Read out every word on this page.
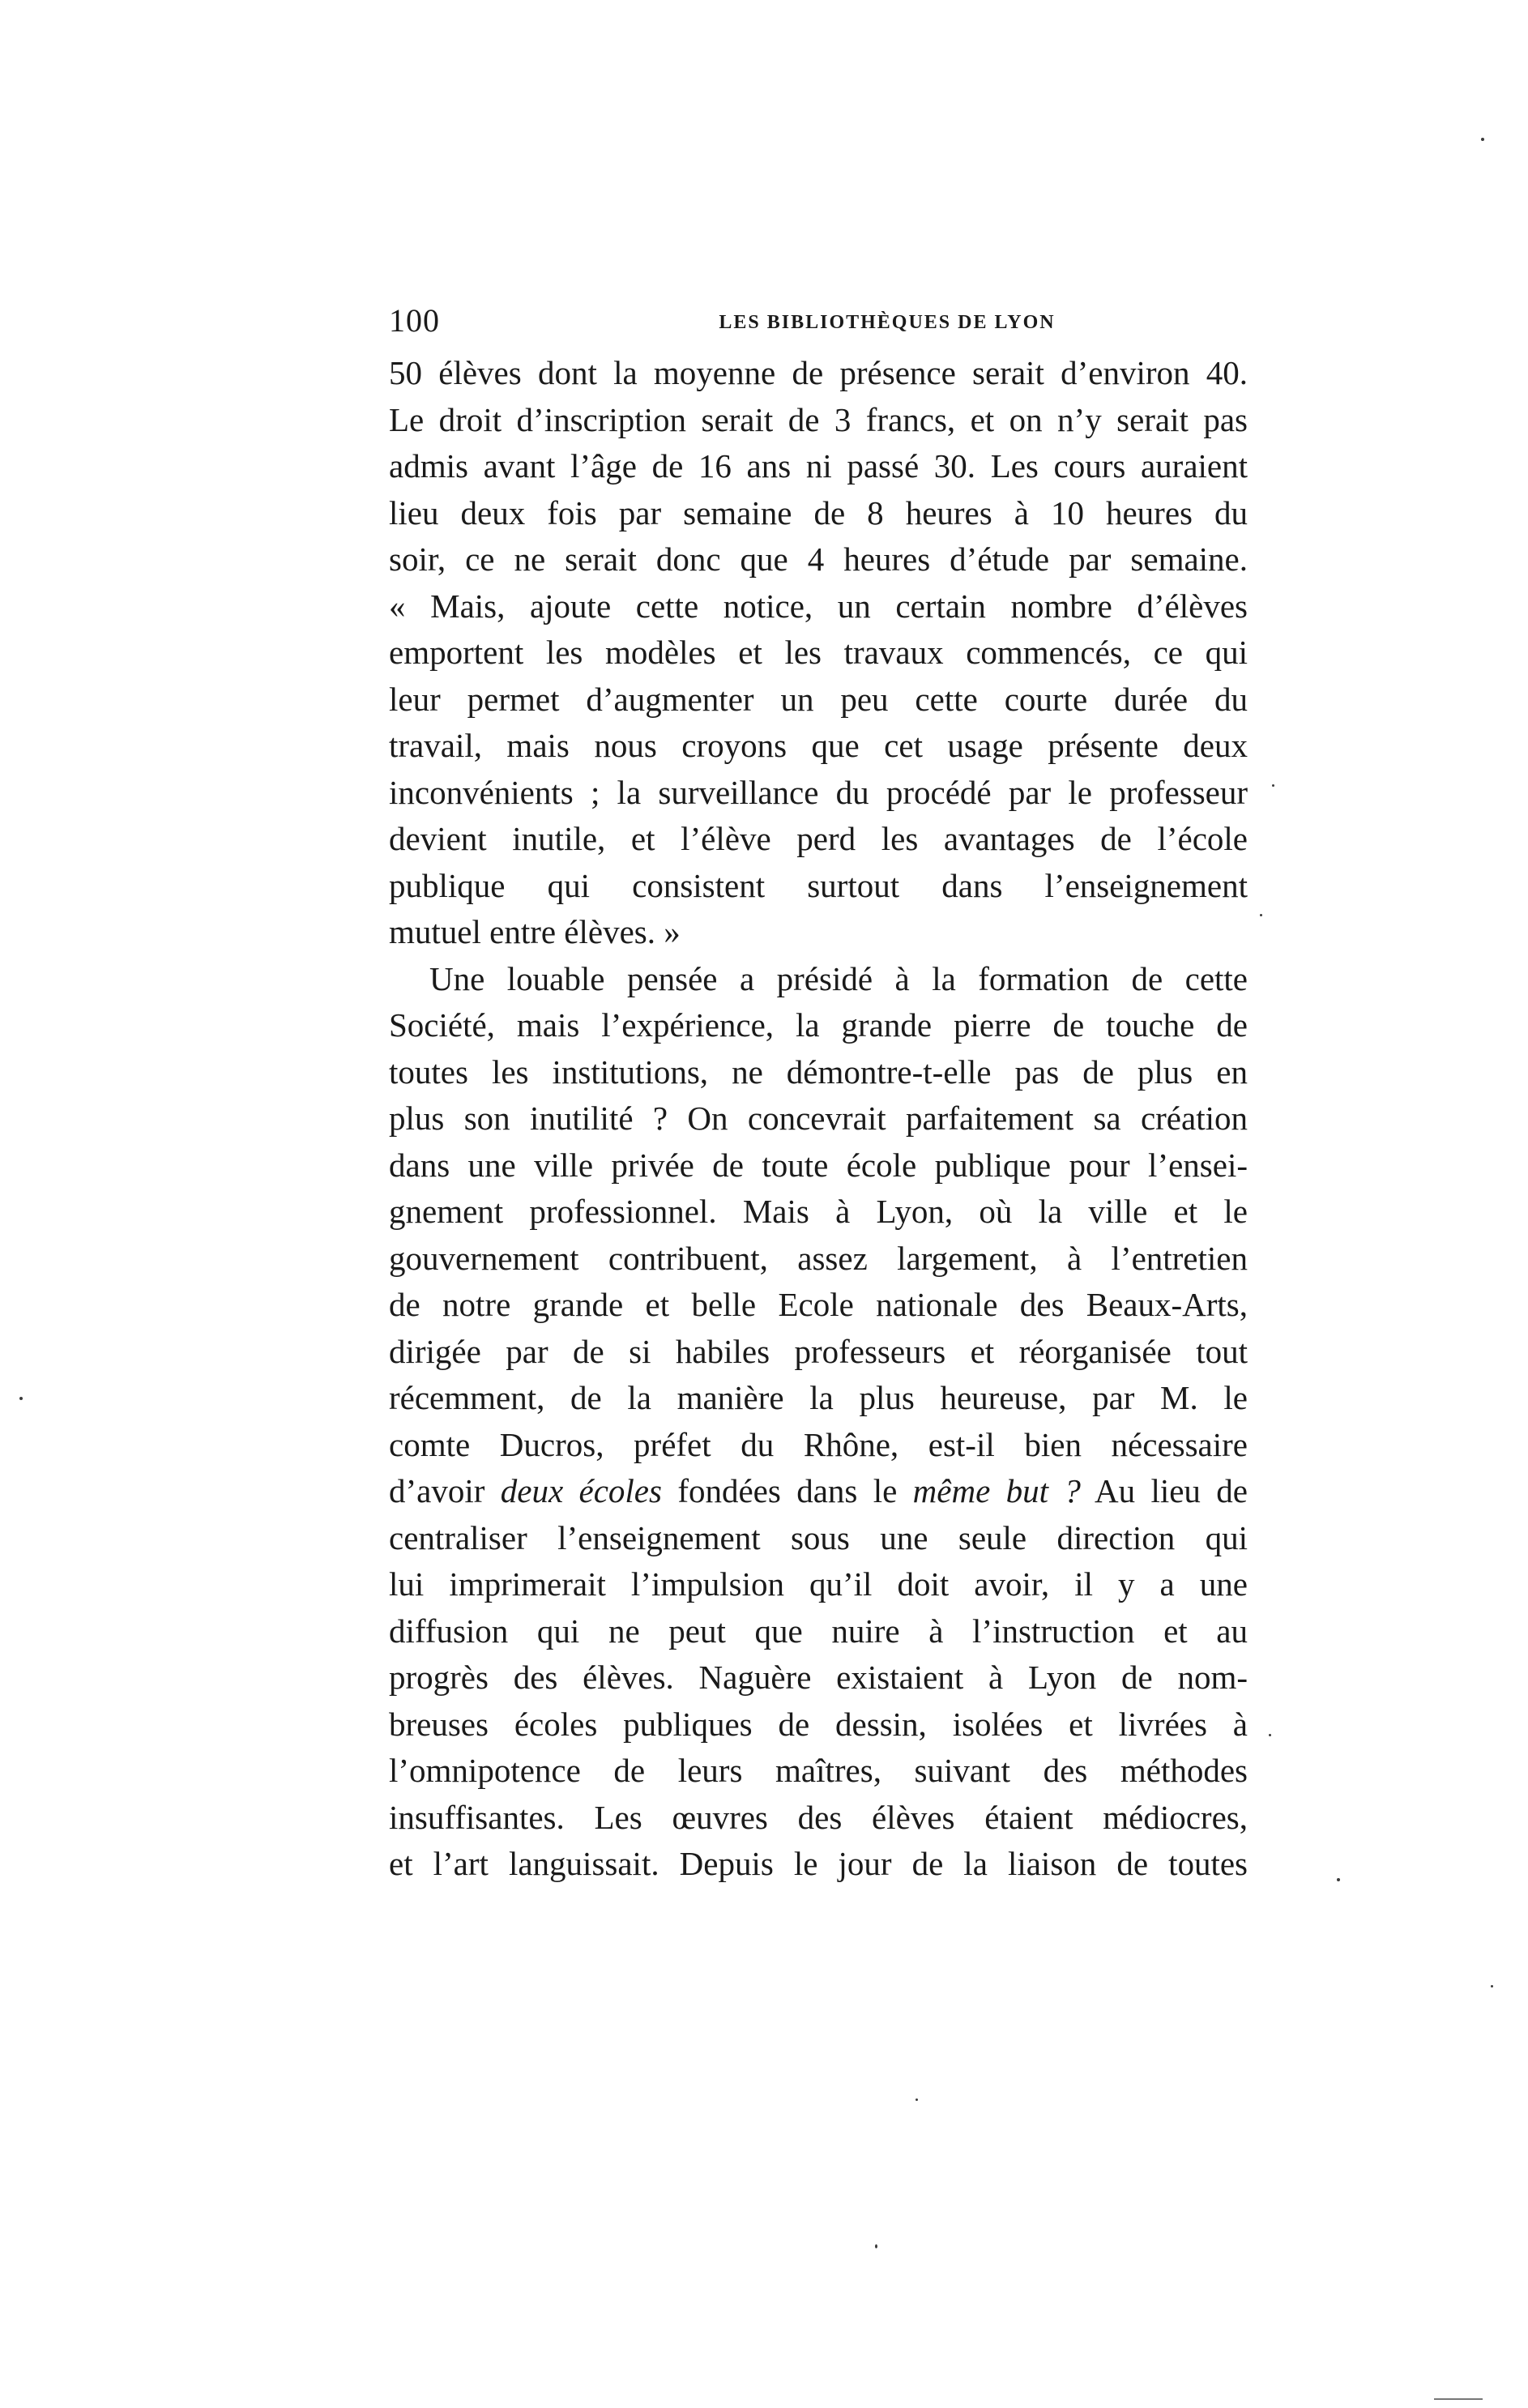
100	LES BIBLIOTHÈQUES DE LYON
50 élèves dont la moyenne de présence serait d’environ 40.
Le droit d’inscription serait de 3 francs, et on n’y serait pas
admis avant l’âge de 16 ans ni passé 30. Les cours auraient
lieu deux fois par semaine de 8 heures à 10 heures du
soir, ce ne serait donc que 4 heures d’étude par semaine.
« Mais, ajoute cette notice, un certain nombre d’élèves
emportent les modèles et les travaux commencés, ce qui
leur permet d’augmenter un peu cette courte durée du
travail, mais nous croyons que cet usage présente deux
inconvénients ; la surveillance du procédé par le professeur
devient inutile, et l’élève perd les avantages de l’école
publique qui consistent surtout dans l’enseignement
mutuel entre élèves. »
Une louable pensée a présidé à la formation de cette
Société, mais l’expérience, la grande pierre de touche de
toutes les institutions, ne démontre-t-elle pas de plus en
plus son inutilité ? On concevrait parfaitement sa création
dans une ville privée de toute école publique pour l’ensei-
gnement professionnel. Mais à Lyon, où la ville et le
gouvernement contribuent, assez largement, à l’entretien
de notre grande et belle Ecole nationale des Beaux-Arts,
dirigée par de si habiles professeurs et réorganisée tout
récemment, de la manière la plus heureuse, par M. le
comte Ducros, préfet du Rhône, est-il bien nécessaire
d’avoir deux écoles fondées dans le même but ? Au lieu de
centraliser l’enseignement sous une seule direction qui
lui imprimerait l’impulsion qu’il doit avoir, il y a une
diffusion qui ne peut que nuire à l’instruction et au
progrès des élèves. Naguère existaient à Lyon de nom-
breuses écoles publiques de dessin, isolées et livrées à
l’omnipotence de leurs maîtres, suivant des méthodes
insuffisantes. Les œuvres des élèves étaient médiocres,
et l’art languissait. Depuis le jour de la liaison de toutes
